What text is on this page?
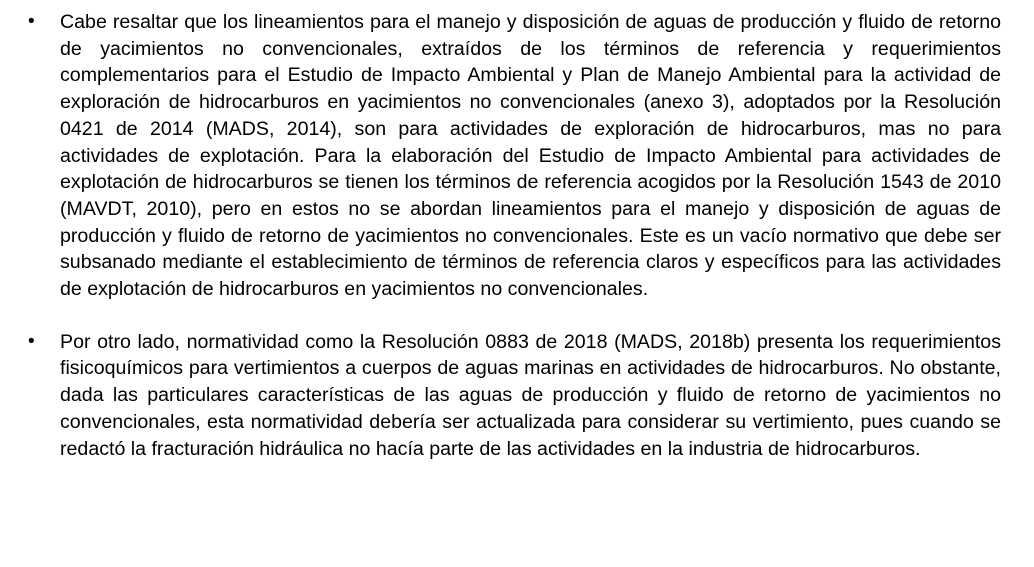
• Cabe resaltar que los lineamientos para el manejo y disposición de aguas de producción y fluido de retorno de yacimientos no convencionales, extraídos de los términos de referencia y requerimientos complementarios para el Estudio de Impacto Ambiental y Plan de Manejo Ambiental para la actividad de exploración de hidrocarburos en yacimientos no convencionales (anexo 3), adoptados por la Resolución 0421 de 2014 (MADS, 2014), son para actividades de exploración de hidrocarburos, mas no para actividades de explotación. Para la elaboración del Estudio de Impacto Ambiental para actividades de explotación de hidrocarburos se tienen los términos de referencia acogidos por la Resolución 1543 de 2010 (MAVDT, 2010), pero en estos no se abordan lineamientos para el manejo y disposición de aguas de producción y fluido de retorno de yacimientos no convencionales. Este es un vacío normativo que debe ser subsanado mediante el establecimiento de términos de referencia claros y específicos para las actividades de explotación de hidrocarburos en yacimientos no convencionales.
• Por otro lado, normatividad como la Resolución 0883 de 2018 (MADS, 2018b) presenta los requerimientos fisicoquímicos para vertimientos a cuerpos de aguas marinas en actividades de hidrocarburos. No obstante, dada las particulares características de las aguas de producción y fluido de retorno de yacimientos no convencionales, esta normatividad debería ser actualizada para considerar su vertimiento, pues cuando se redactó la fracturación hidráulica no hacía parte de las actividades en la industria de hidrocarburos.
